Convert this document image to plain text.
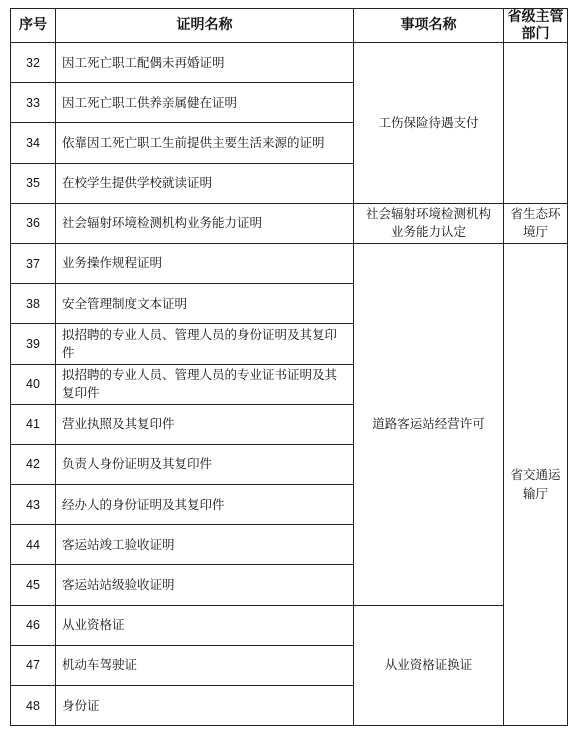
序号	证明名称	事项名称	省级主管部门
32	因工死亡职工配偶未再婚证明	工伤保险待遇支付	
33	因工死亡职工供养亲属健在证明		
34	依靠因工死亡职工生前提供主要生活来源的证明		
35	在校学生提供学校就读证明		
36	社会辐射环境检测机构业务能力证明	社会辐射环境检测机构业务能力认定	省生态环境厅
37	业务操作规程证明	道路客运站经营许可	省交通运输厅
38	安全管理制度文本证明		
39	拟招聘的专业人员、管理人员的身份证明及其复印件		
40	拟招聘的专业人员、管理人员的专业证书证明及其复印件		
41	营业执照及其复印件		
42	负责人身份证明及其复印件		
43	经办人的身份证明及其复印件		
44	客运站竣工验收证明		
45	客运站站级验收证明		
46	从业资格证	从业资格证换证	
47	机动车驾驶证		
48	身份证		
